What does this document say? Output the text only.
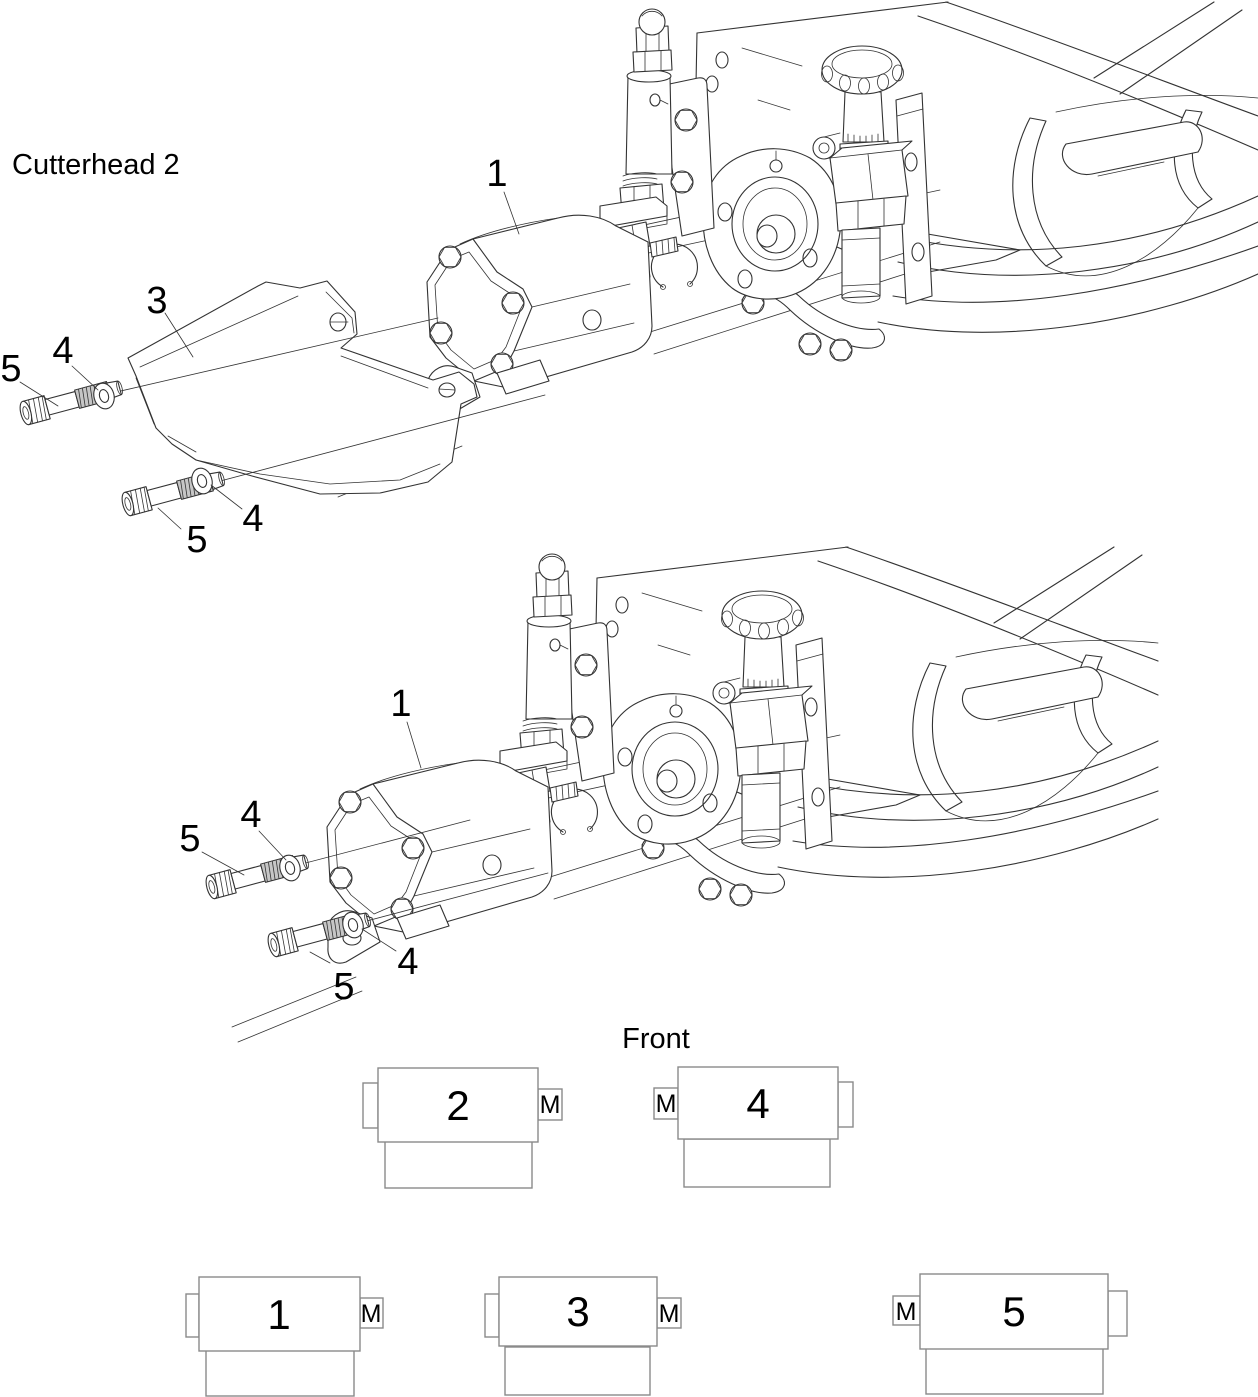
1
3
4
5
4
5
1
4
5
4
5
Cutterhead 2
Front
2	M	4
M
1	M	3	M	5
M
